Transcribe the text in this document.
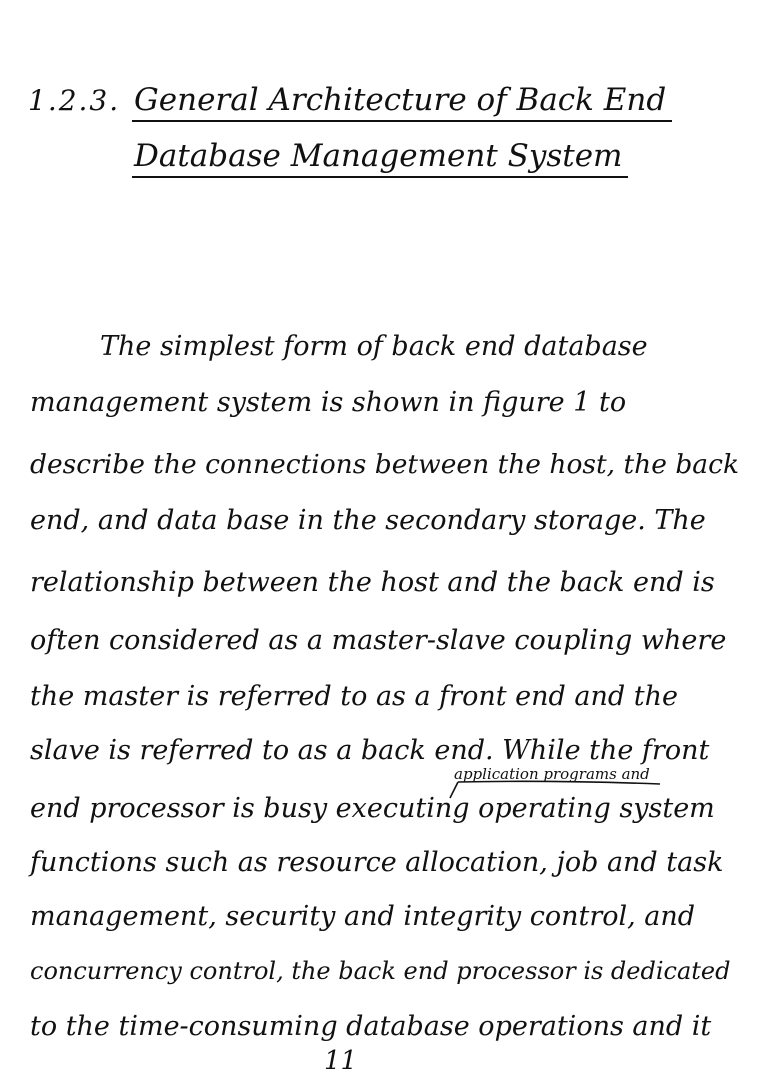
1.2.3. General Architecture of Back End
Database Management System
The simplest form of back end database
management system is shown in figure 1 to
describe the connections between the host, the back
end, and data base in the secondary storage. The
relationship between the host and the back end is
often considered as a master-slave coupling where
the master is referred to as a front end and the
slave is referred to as a back end. While the front
application programs and
end processor is busy executing operating system
functions such as resource allocation, job and task
management, security and integrity control, and
concurrency control, the back end processor is dedicated
to the time-consuming database operations and it
11
